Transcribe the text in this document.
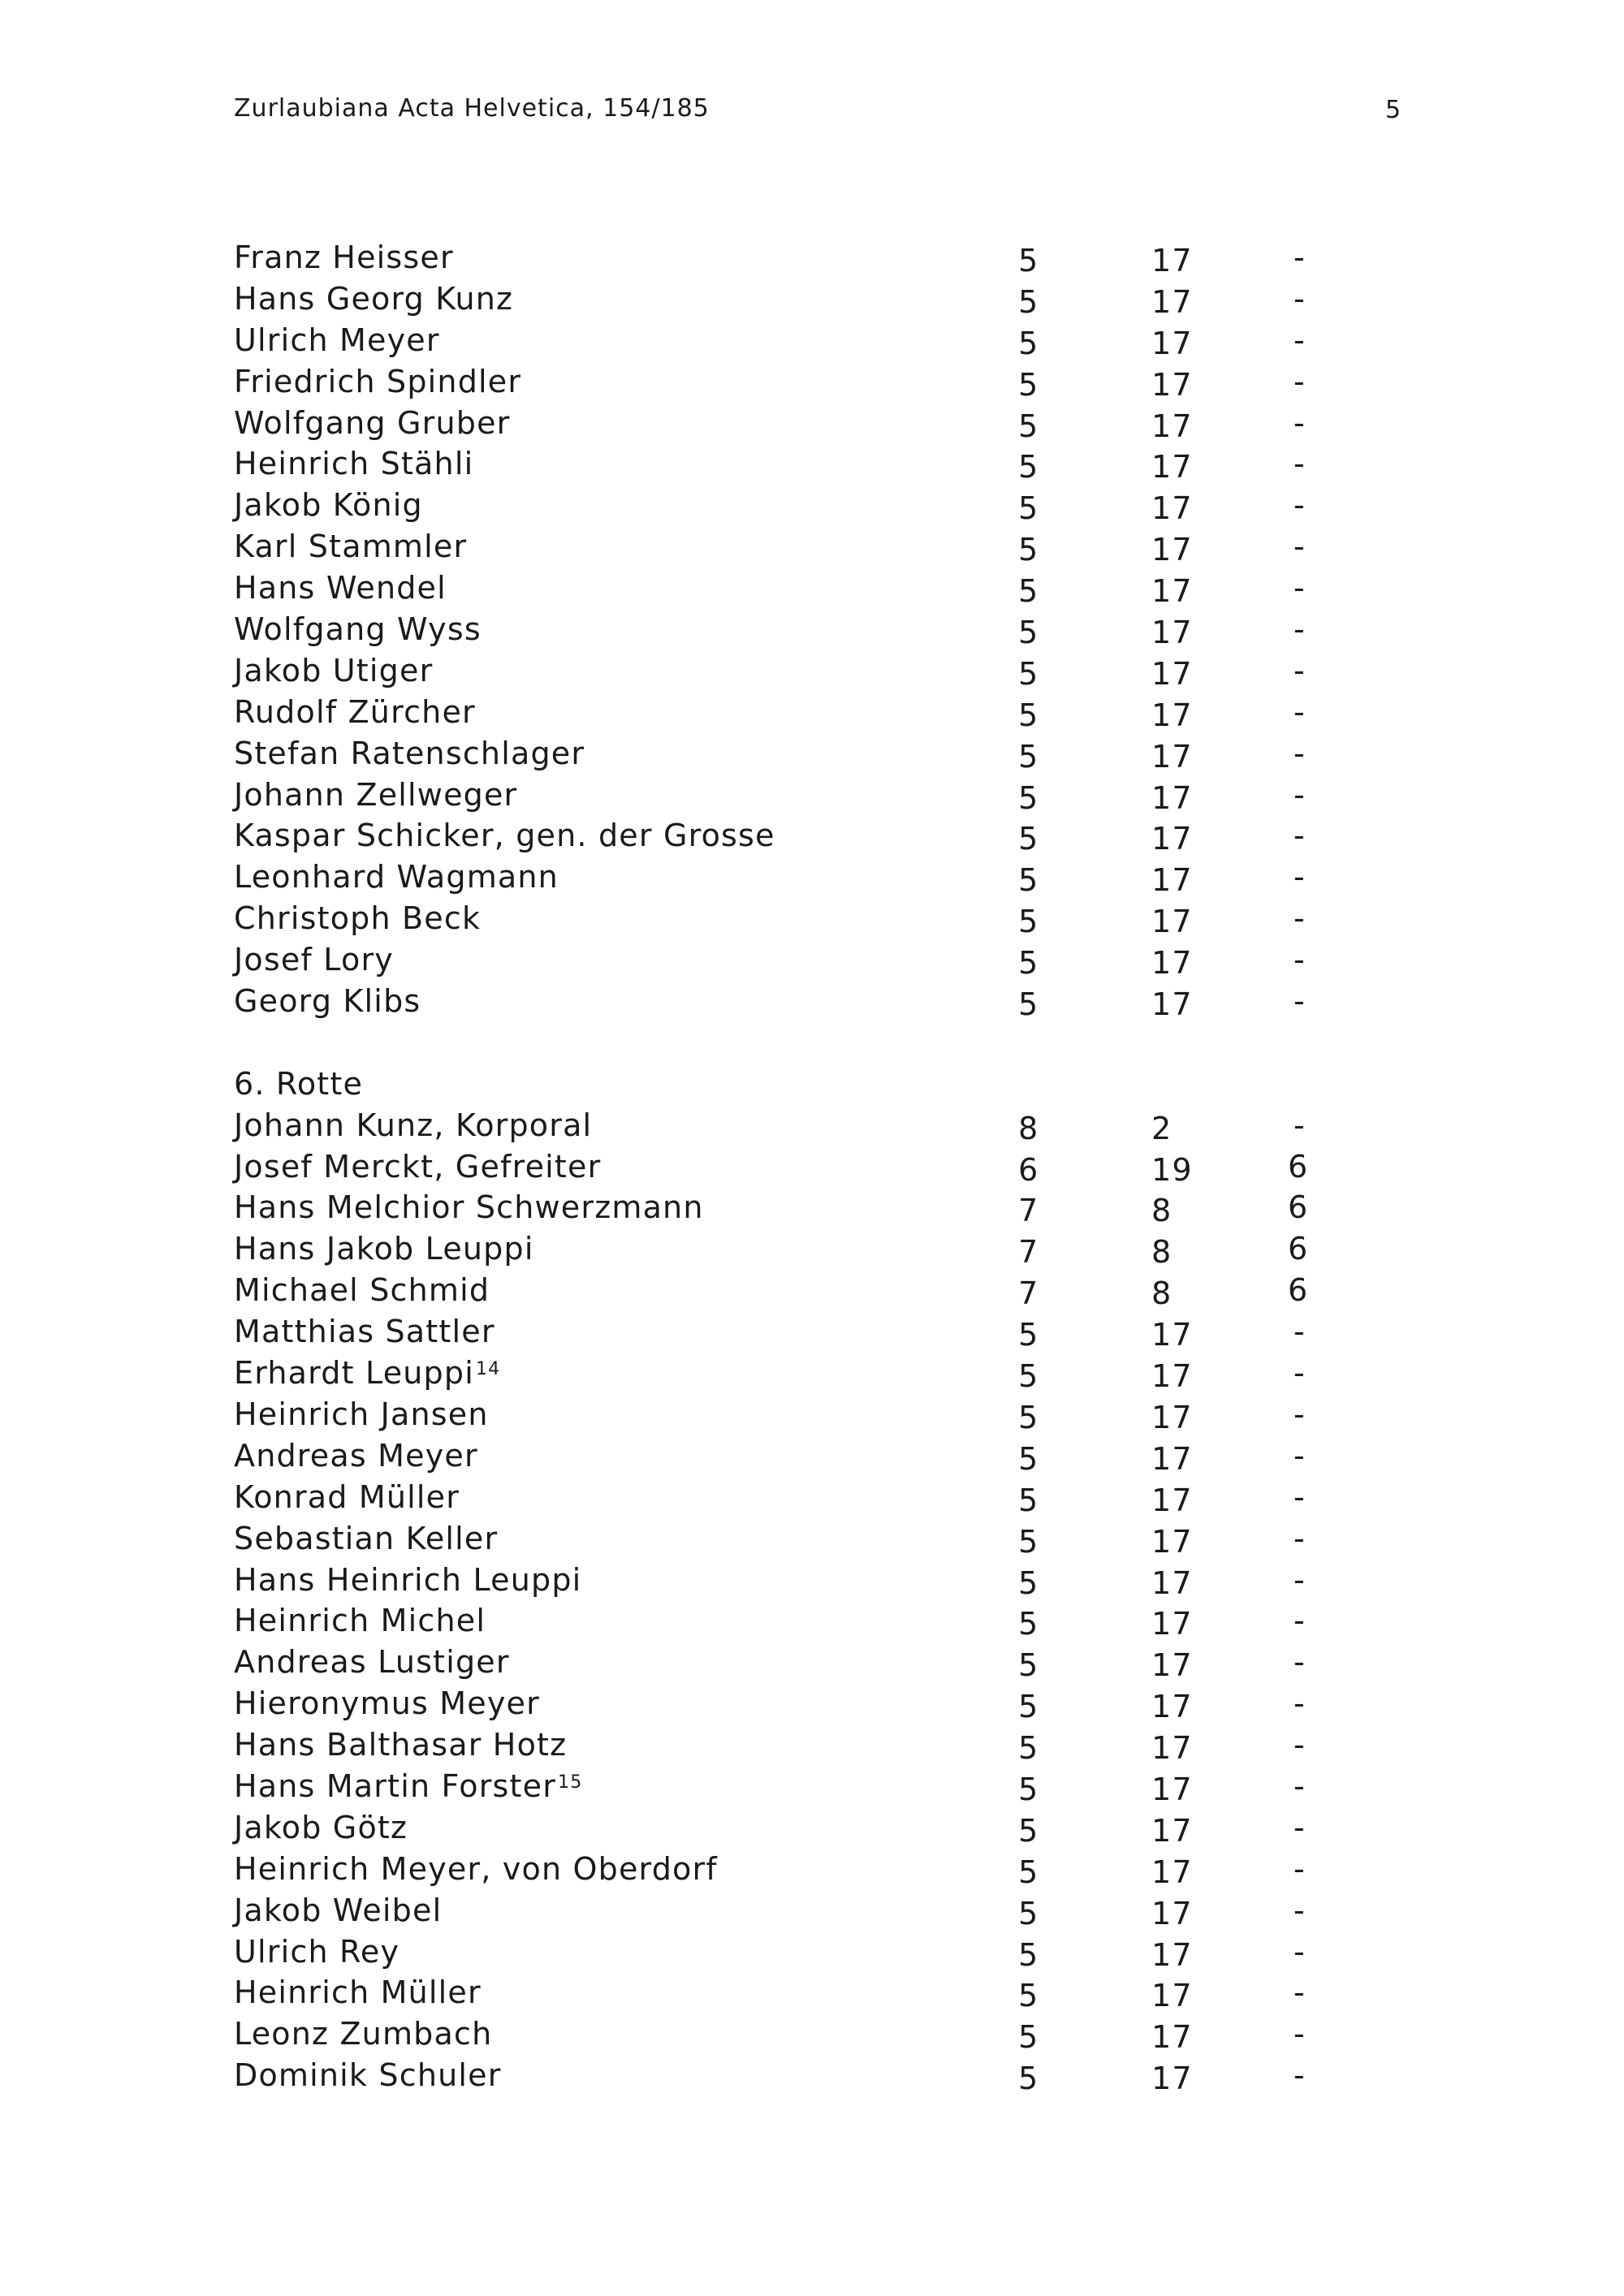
Zurlaubiana Acta Helvetica, 154/185	5
Franz Heisser	5	17	-
Hans Georg Kunz	5	17	-
Ulrich Meyer	5	17	-
Friedrich Spindler	5	17	-
Wolfgang Gruber	5	17	-
Heinrich Stähli	5	17	-
Jakob König	5	17	-
Karl Stammler	5	17	-
Hans Wendel	5	17	-
Wolfgang Wyss	5	17	-
Jakob Utiger	5	17	-
Rudolf Zürcher	5	17	-
Stefan Ratenschlager	5	17	-
Johann Zellweger	5	17	-
Kaspar Schicker, gen. der Grosse	5	17	-
Leonhard Wagmann	5	17	-
Christoph Beck	5	17	-
Josef Lory	5	17	-
Georg Klibs	5	17	-
6. Rotte
Johann Kunz, Korporal	8	2	-
Josef Merckt, Gefreiter	6	19	6
Hans Melchior Schwerzmann	7	8	6
Hans Jakob Leuppi	7	8	6
Michael Schmid	7	8	6
Matthias Sattler	5	17	-
Erhardt Leuppi$^{14}$	5	17	-
Heinrich Jansen	5	17	-
Andreas Meyer	5	17	-
Konrad Müller	5	17	-
Sebastian Keller	5	17	-
Hans Heinrich Leuppi	5	17	-
Heinrich Michel	5	17	-
Andreas Lustiger	5	17	-
Hieronymus Meyer	5	17	-
Hans Balthasar Hotz	5	17	-
Hans Martin Forster$^{15}$	5	17	-
Jakob Götz	5	17	-
Heinrich Meyer, von Oberdorf	5	17	-
Jakob Weibel	5	17	-
Ulrich Rey	5	17	-
Heinrich Müller	5	17	-
Leonz Zumbach	5	17	-
Dominik Schuler	5	17	-
